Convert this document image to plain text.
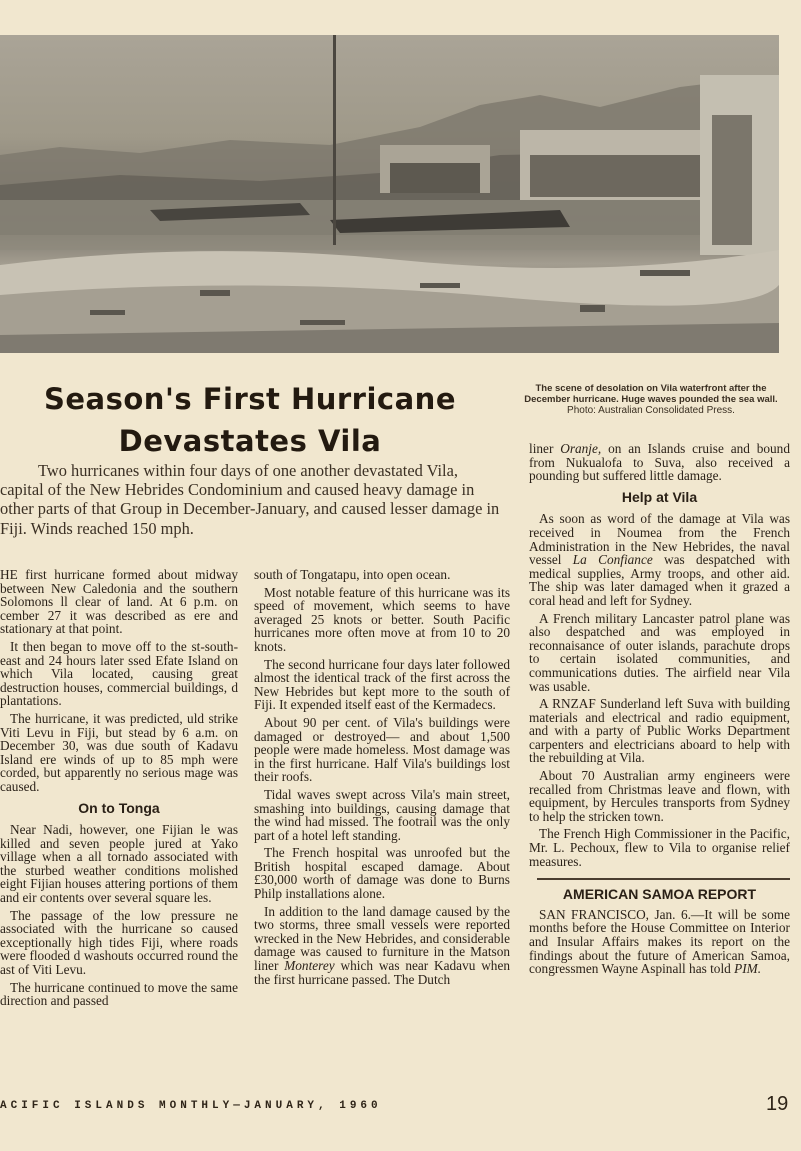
The scene of desolation on Vila waterfront after the December hurricane. Huge waves pounded the sea wall.
Photo: Australian Consolidated Press.
Season's First Hurricane
Devastates Vila
Two hurricanes within four days of one another devastated Vila, capital of the New Hebrides Condominium and caused heavy damage in other parts of that Group in December-January, and caused lesser damage in Fiji. Winds reached 150 mph.

HE first hurricane formed about midway between New Caledonia and the southern Solomons ll clear of land. At 6 p.m. on cember 27 it was described as ere and stationary at that point.

It then began to move off to the st-south-east and 24 hours later ssed Efate Island on which Vila located, causing great destruction houses, commercial buildings, d plantations.

The hurricane, it was predicted, uld strike Viti Levu in Fiji, but stead by 6 a.m. on December 30, was due south of Kadavu Island ere winds of up to 85 mph were corded, but apparently no serious mage was caused.

On to Tonga

Near Nadi, however, one Fijian le was killed and seven people jured at Yako village when a all tornado associated with the sturbed weather conditions molished eight Fijian houses attering portions of them and eir contents over several square les.

The passage of the low pressure ne associated with the hurricane so caused exceptionally high tides Fiji, where roads were flooded d washouts occurred round the ast of Viti Levu.

The hurricane continued to move the same direction and passed

south of Tongatapu, into open ocean.

Most notable feature of this hurricane was its speed of movement, which seems to have averaged 25 knots or better. South Pacific hurricanes more often move at from 10 to 20 knots.

The second hurricane four days later followed almost the identical track of the first across the New Hebrides but kept more to the south of Fiji. It expended itself east of the Kermadecs.

About 90 per cent. of Vila's buildings were damaged or destroyed— and about 1,500 people were made homeless. Most damage was in the first hurricane. Half Vila's buildings lost their roofs.

Tidal waves swept across Vila's main street, smashing into buildings, causing damage that the wind had missed. The footrail was the only part of a hotel left standing.

The French hospital was unroofed but the British hospital escaped damage. About £30,000 worth of damage was done to Burns Philp installations alone.

In addition to the land damage caused by the two storms, three small vessels were reported wrecked in the New Hebrides, and considerable damage was caused to furniture in the Matson liner Monterey which was near Kadavu when the first hurricane passed. The Dutch

liner Oranje, on an Islands cruise and bound from Nukualofa to Suva, also received a pounding but suffered little damage.

Help at Vila

As soon as word of the damage at Vila was received in Noumea from the French Administration in the New Hebrides, the naval vessel La Confiance was despatched with medical supplies, Army troops, and other aid. The ship was later damaged when it grazed a coral head and left for Sydney.

A French military Lancaster patrol plane was also despatched and was employed in reconnaisance of outer islands, parachute drops to certain isolated communities, and communications duties. The airfield near Vila was usable.

A RNZAF Sunderland left Suva with building materials and electrical and radio equipment, and with a party of Public Works Department carpenters and electricians aboard to help with the rebuilding at Vila.

About 70 Australian army engineers were recalled from Christmas leave and flown, with equipment, by Hercules transports from Sydney to help the stricken town.

The French High Commissioner in the Pacific, Mr. L. Pechoux, flew to Vila to organise relief measures.

AMERICAN SAMOA REPORT

SAN FRANCISCO, Jan. 6.—It will be some months before the House Committee on Interior and Insular Affairs makes its report on the findings about the future of American Samoa, congressmen Wayne Aspinall has told PIM.

ACIFIC ISLANDS MONTHLY—JANUARY, 1960	19
